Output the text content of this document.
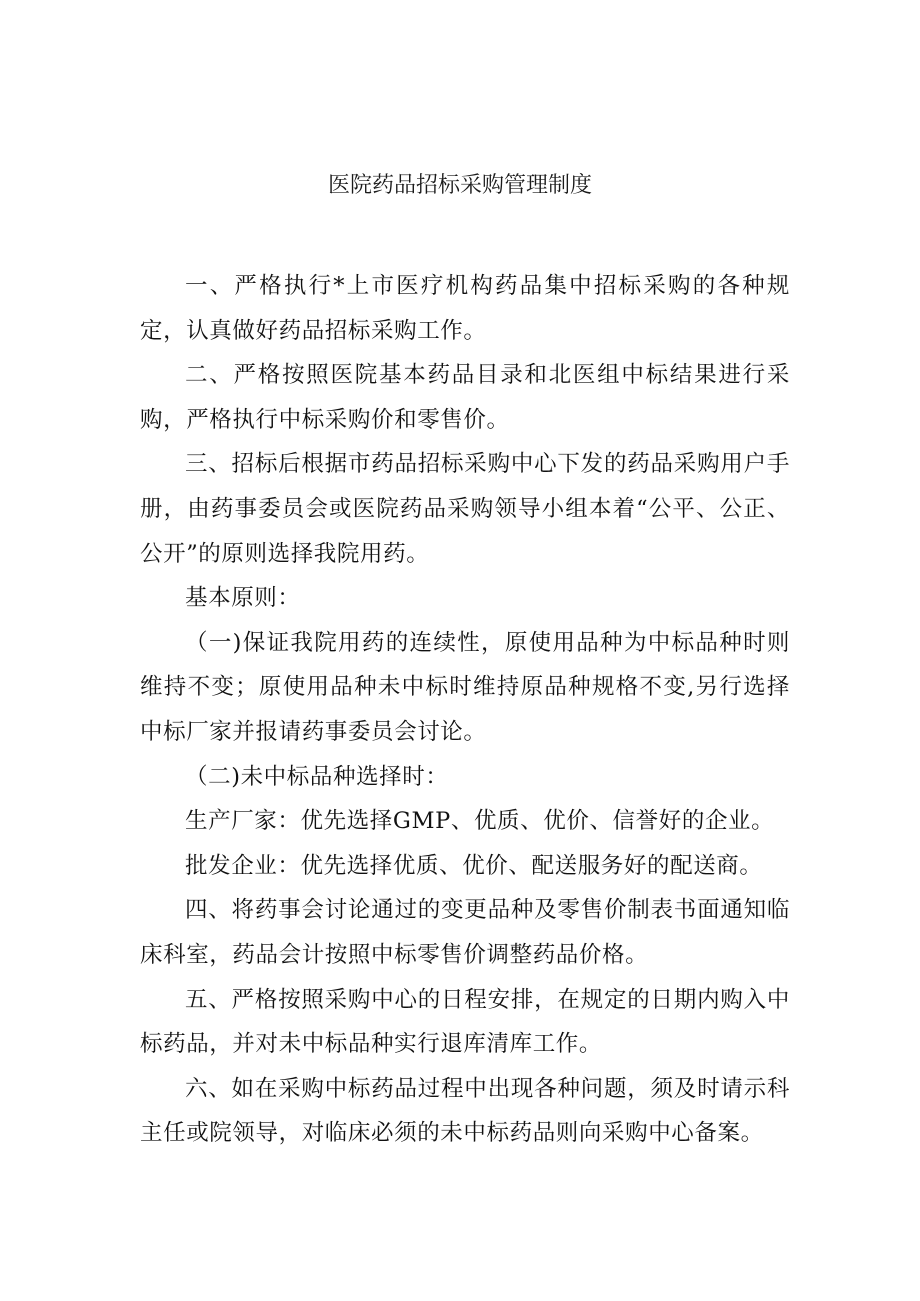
医院药品招标采购管理制度

一、严格执行*上市医疗机构药品集中招标采购的各种规定，认真做好药品招标采购工作。

二、严格按照医院基本药品目录和北医组中标结果进行采购，严格执行中标采购价和零售价。

三、招标后根据市药品招标采购中心下发的药品采购用户手册，由药事委员会或医院药品采购领导小组本着“公平、公正、公开”的原则选择我院用药。

基本原则：

（一)保证我院用药的连续性，原使用品种为中标品种时则维持不变；原使用品种未中标时维持原品种规格不变,另行选择中标厂家并报请药事委员会讨论。

（二)未中标品种选择时：

生产厂家：优先选择GMP、优质、优价、信誉好的企业。

批发企业：优先选择优质、优价、配送服务好的配送商。

四、将药事会讨论通过的变更品种及零售价制表书面通知临床科室，药品会计按照中标零售价调整药品价格。

五、严格按照采购中心的日程安排，在规定的日期内购入中标药品，并对未中标品种实行退库清库工作。

六、如在采购中标药品过程中出现各种问题，须及时请示科主任或院领导，对临床必须的未中标药品则向采购中心备案。
